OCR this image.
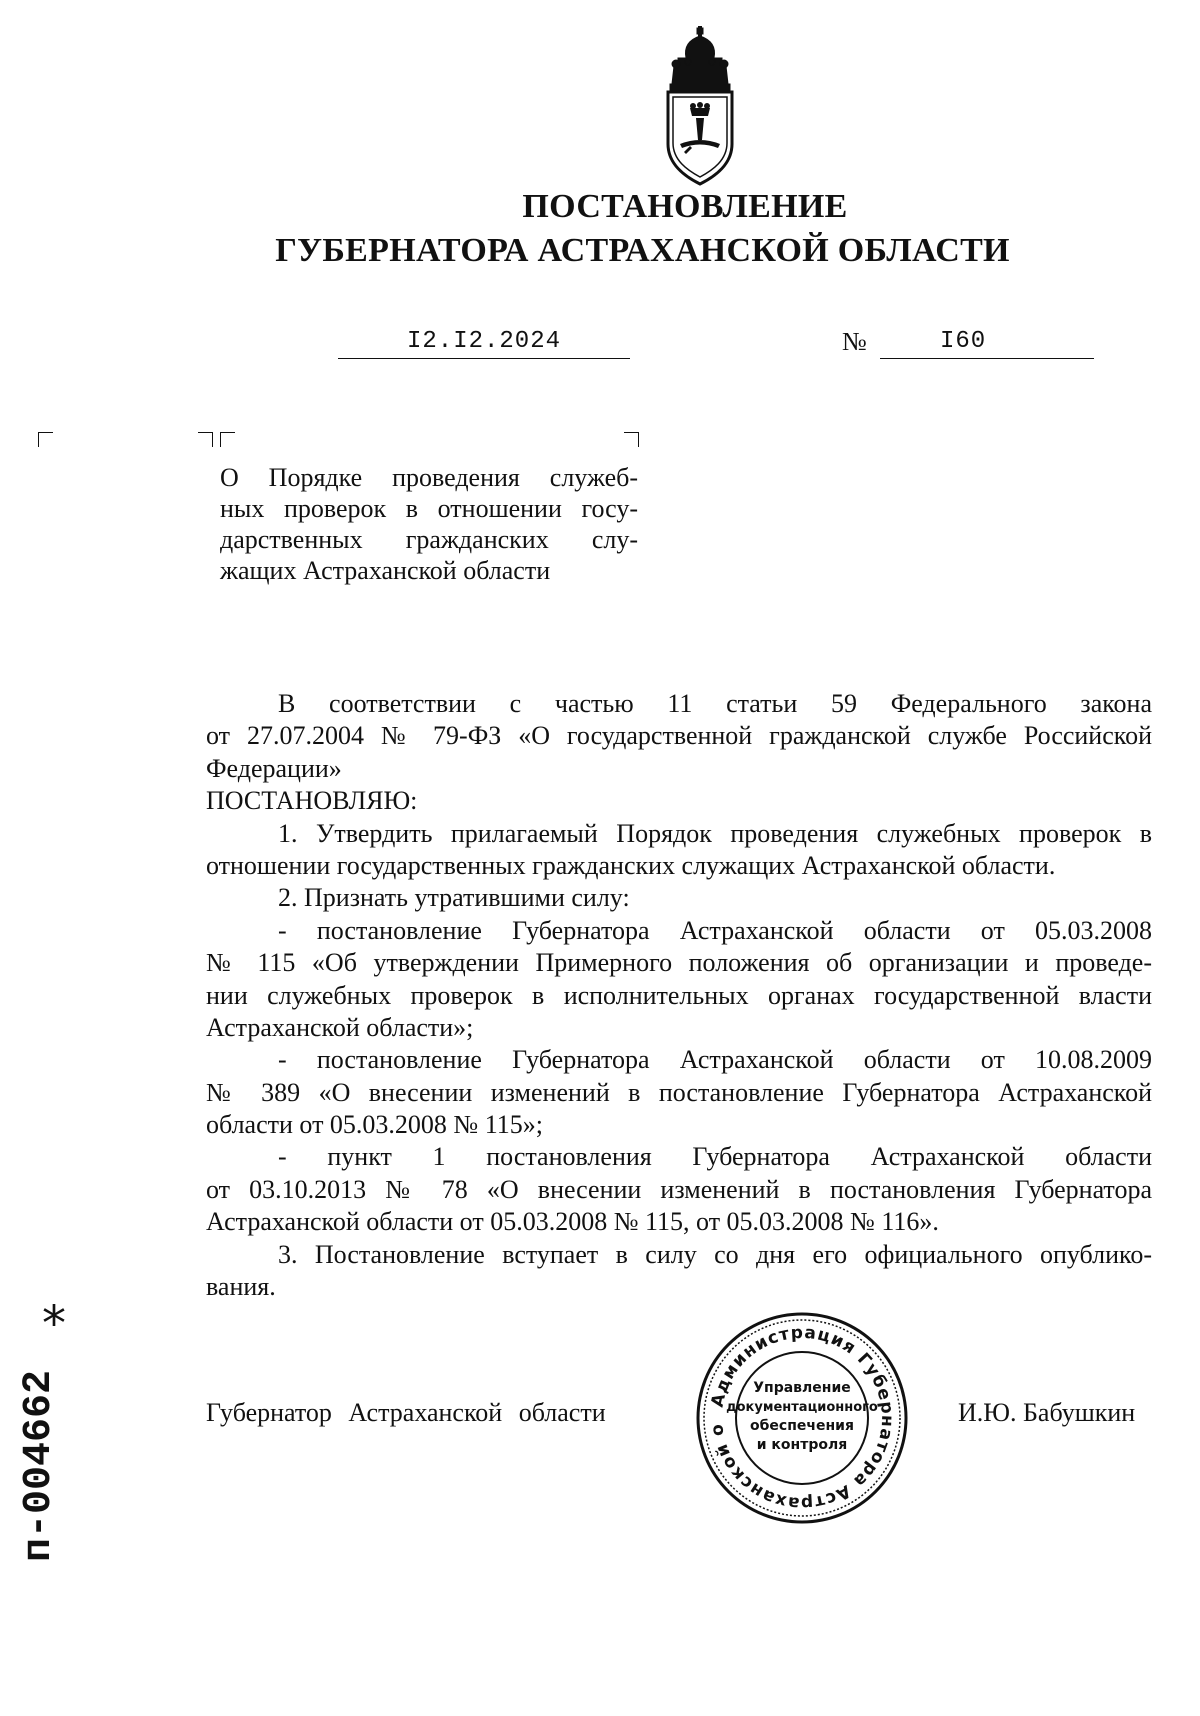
ПОСТАНОВЛЕНИЕ
ГУБЕРНАТОРА АСТРАХАНСКОЙ ОБЛАСТИ
I2.I2.2024	№	I60
О Порядке проведения служеб-
ных проверок в отношении госу-
дарственных гражданских слу-
жащих Астраханской области
В соответствии с частью 11 статьи 59 Федерального закона
от 27.07.2004 № 79-ФЗ «О государственной гражданской службе Российской
Федерации»
ПОСТАНОВЛЯЮ:
1. Утвердить прилагаемый Порядок проведения служебных проверок в
отношении государственных гражданских служащих Астраханской области.
2. Признать утратившими силу:
- постановление Губернатора Астраханской области от 05.03.2008
№ 115 «Об утверждении Примерного положения об организации и проведе-
нии служебных проверок в исполнительных органах государственной власти
Астраханской области»;
- постановление Губернатора Астраханской области от 10.08.2009
№ 389 «О внесении изменений в постановление Губернатора Астраханской
области от 05.03.2008 № 115»;
- пункт 1 постановления Губернатора Астраханской области
от 03.10.2013 № 78 «О внесении изменений в постановления Губернатора
Астраханской области от 05.03.2008 № 115, от 05.03.2008 № 116».
3. Постановление вступает в силу со дня его официального опублико-
вания.
Губернатор Астраханской области	И.Ю. Бабушкин
Администрация Губернатора Астраханской о
Управление
документационного
обеспечения
и контроля
*
п-004662
